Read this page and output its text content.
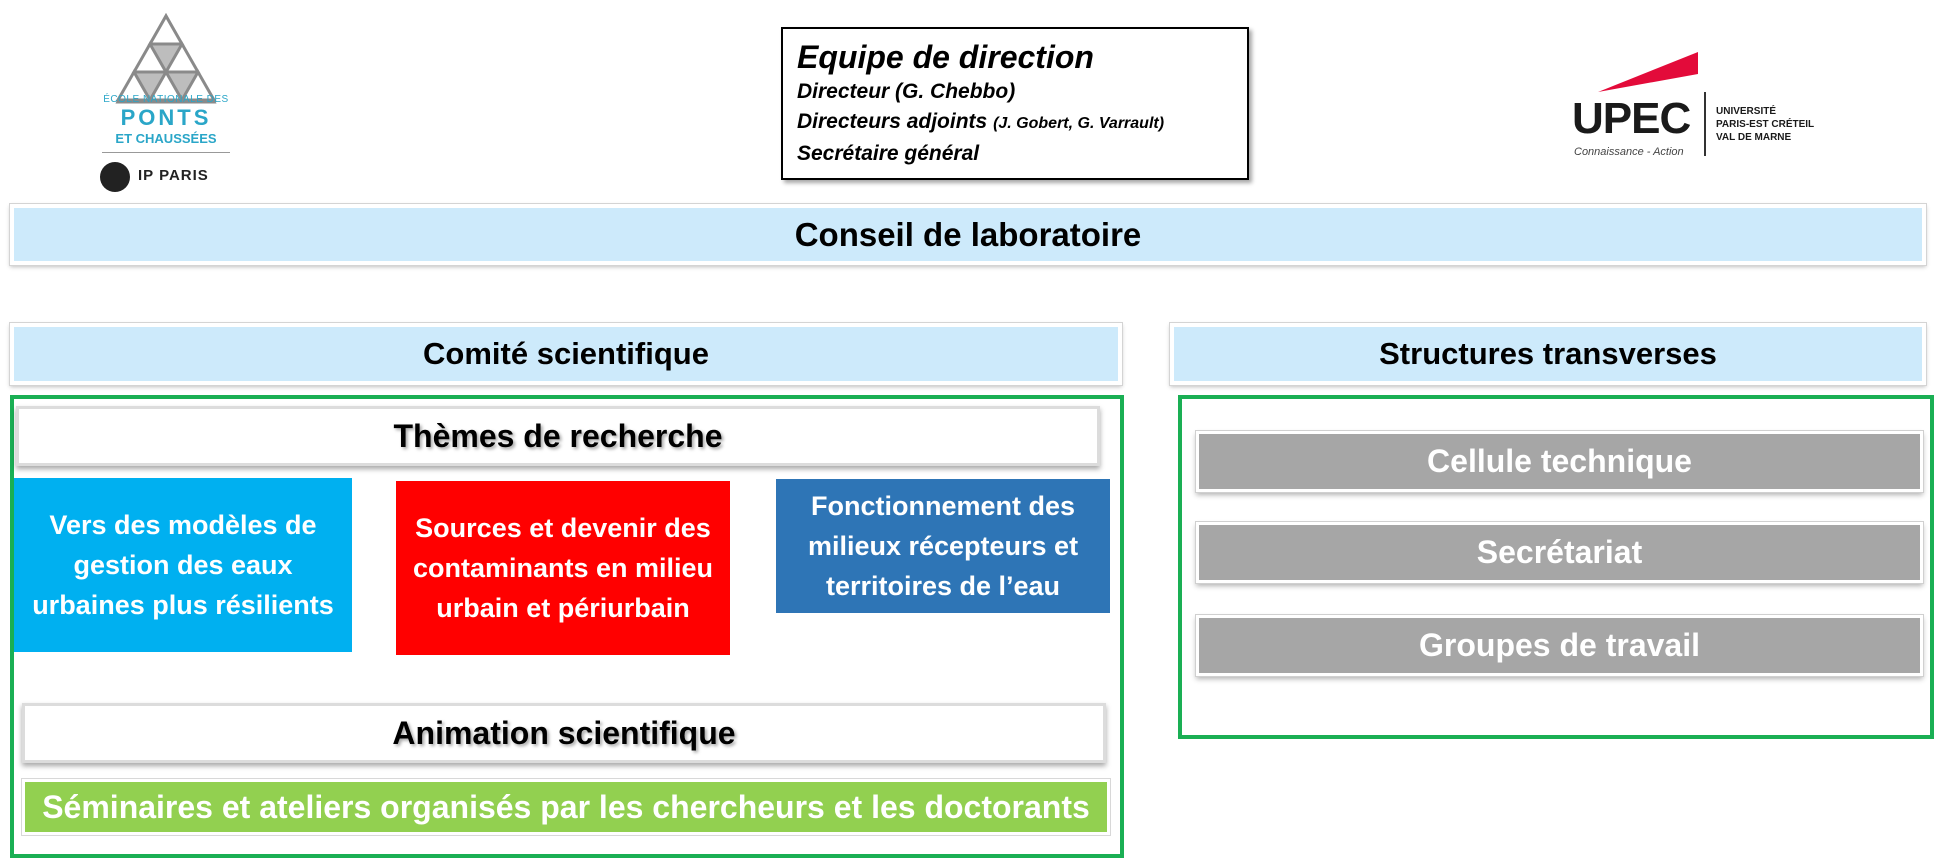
ÉCOLE NATIONALE DES
PONTS
ET CHAUSSÉES
IP PARIS
UPEC
Connaissance - Action
UNIVERSITÉ
PARIS-EST CRÉTEIL
VAL DE MARNE
Equipe de direction
Directeur (G. Chebbo)
Directeurs adjoints (J. Gobert, G. Varrault)
Secrétaire général
Conseil de laboratoire
Comité scientifique	Structures transverses
Thèmes de recherche
Vers des modèles de gestion des eaux urbaines plus résilients
Sources et devenir des contaminants en milieu urbain et périurbain
Fonctionnement des milieux récepteurs et territoires de l’eau
Animation scientifique
Séminaires et ateliers organisés par les chercheurs et les doctorants
Cellule technique
Secrétariat
Groupes de travail
